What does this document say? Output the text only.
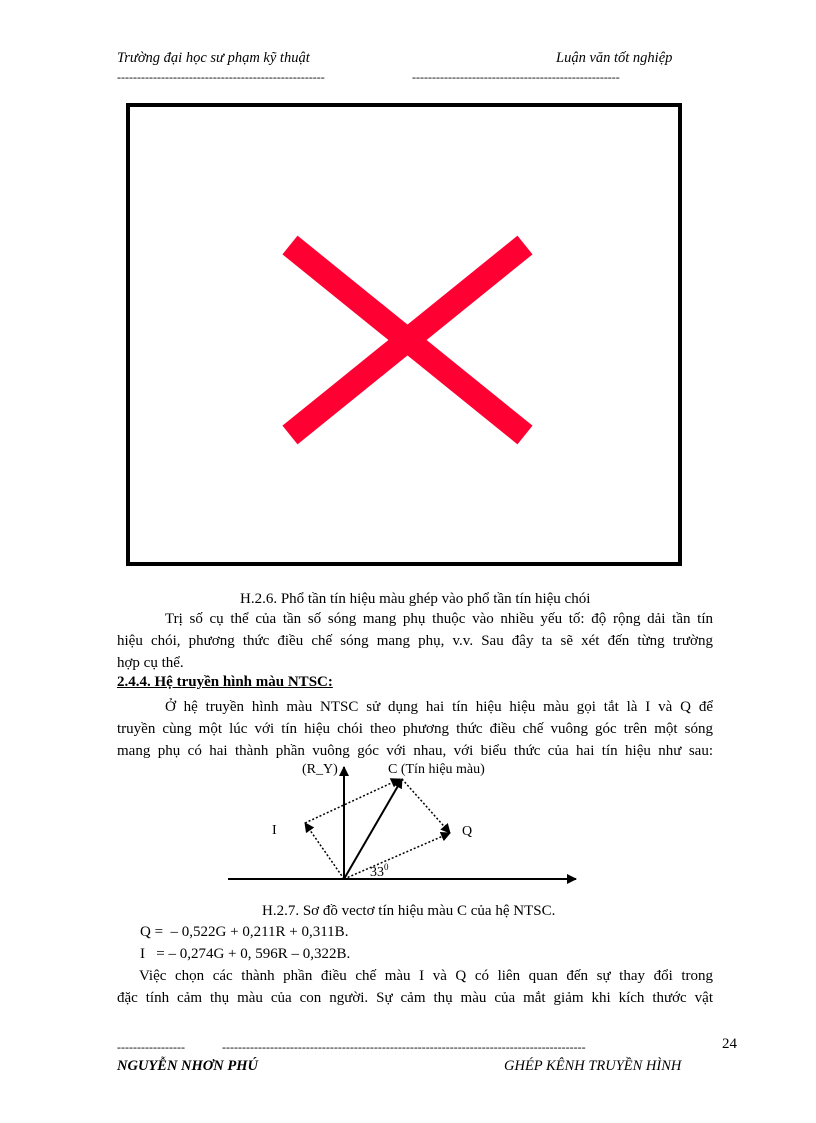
Trường đại học sư phạm kỹ thuật	Luận văn tốt nghiệp
----------------------------------------------------	----------------------------------------------------
H.2.6. Phổ tần tín hiệu màu ghép vào phổ tần tín hiệu chói
Trị số cụ thể của tần số sóng mang phụ thuộc vào nhiều yếu tố: độ rộng dải tần tín
hiệu chói, phương thức điều chế sóng mang phụ, v.v. Sau đây ta sẽ xét đến từng trường
hợp cụ thể.
2.4.4. Hệ truyền hình màu NTSC:
Ở hệ truyền hình màu NTSC sử dụng hai tín hiệu hiệu màu gọi tắt là I và Q để
truyền cùng một lúc với tín hiệu chói theo phương thức điều chế vuông góc trên một sóng
mang phụ có hai thành phần vuông góc với nhau, với biểu thức của hai tín hiệu như sau:
(R_Y)	C (Tín hiệu màu)
I	Q
$33^0$
H.2.7. Sơ đồ vectơ tín hiệu màu C của hệ NTSC.
Q =  – 0,522G + 0,211R + 0,311B.
I   = – 0,274G + 0, 596R – 0,322B.
Việc chọn các thành phần điều chế màu I và Q có liên quan đến sự thay đổi trong
đặc tính cảm thụ màu của con người. Sự cảm thụ màu của mắt giảm khi kích thước vật
-----------------	-------------------------------------------------------------------------------------------	24
NGUYỄN NHƠN PHÚ	GHÉP KÊNH TRUYỀN HÌNH
